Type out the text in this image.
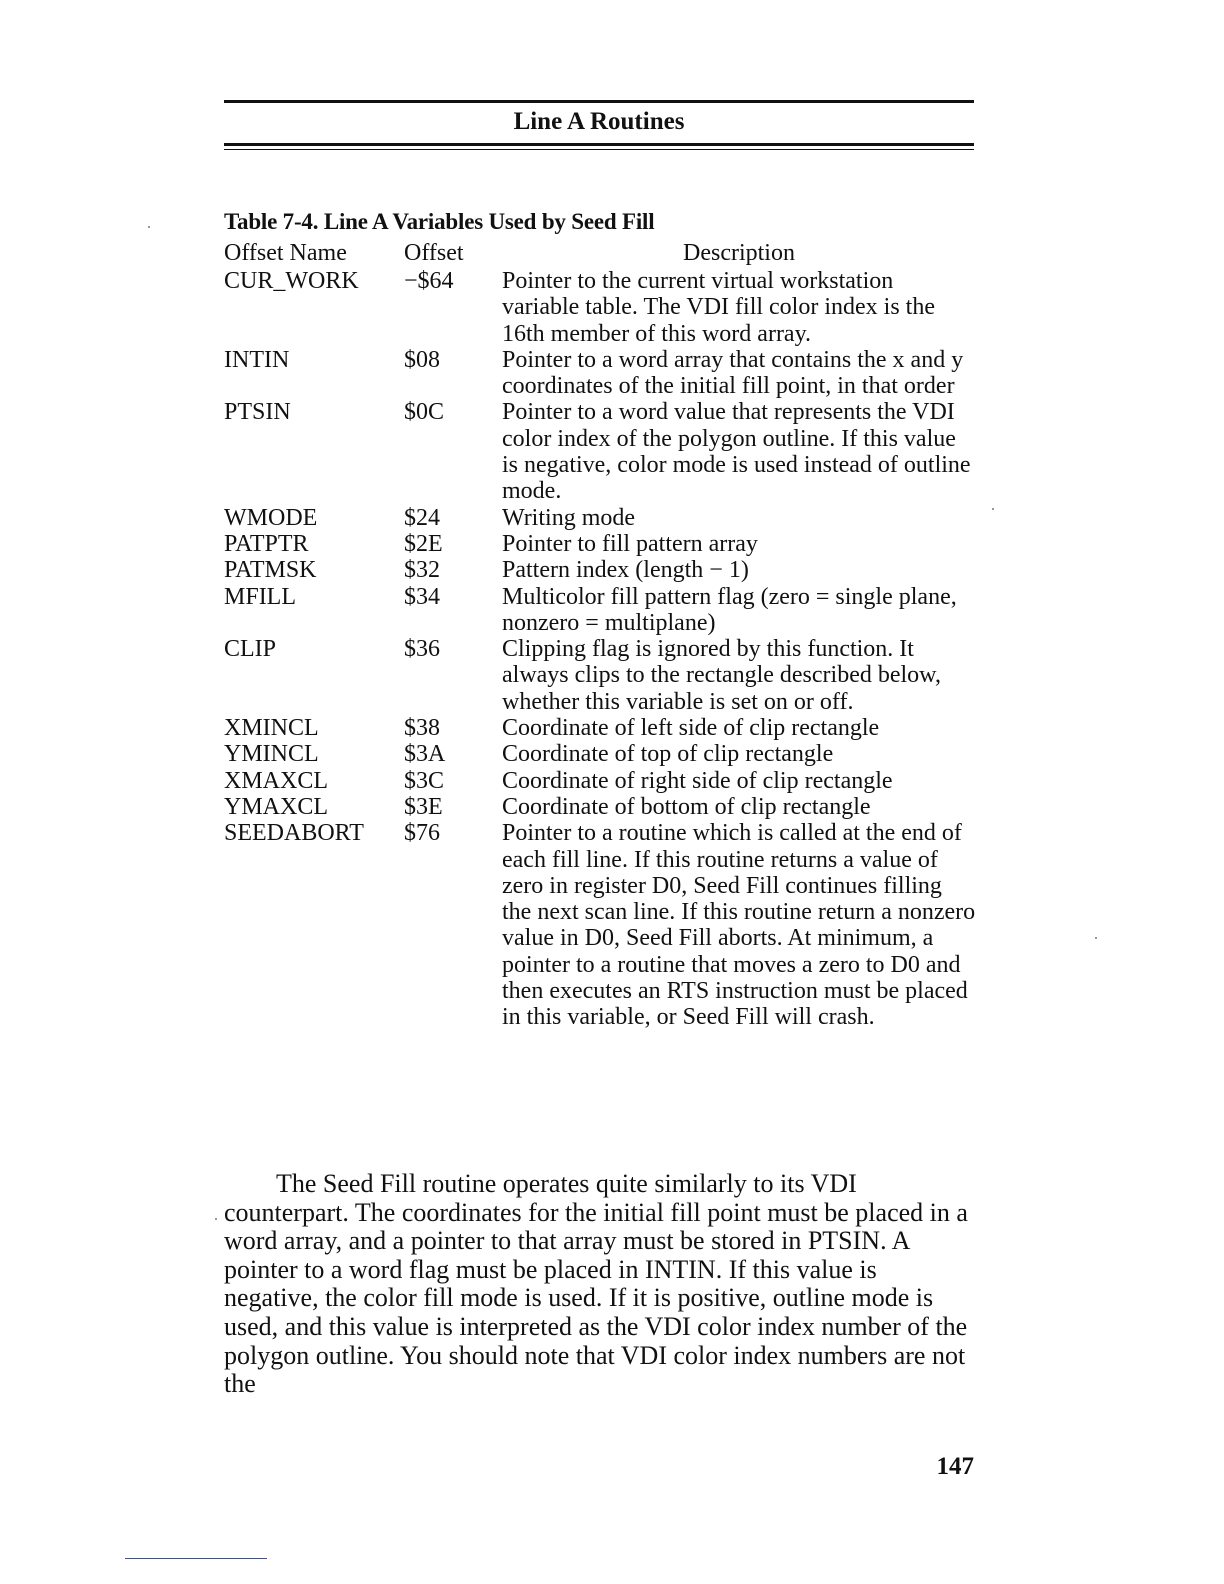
Line A Routines
Table 7-4. Line A Variables Used by Seed Fill
Offset Name	Offset	Description
CUR_WORK	−$64	Pointer to the current virtual workstation variable table. The VDI fill color index is the 16th member of this word array.
INTIN	$08	Pointer to a word array that contains the x and y coordinates of the initial fill point, in that order
PTSIN	$0C	Pointer to a word value that represents the VDI color index of the polygon outline. If this value is negative, color mode is used instead of outline mode.
WMODE	$24	Writing mode
PATPTR	$2E	Pointer to fill pattern array
PATMSK	$32	Pattern index (length − 1)
MFILL	$34	Multicolor fill pattern flag (zero = single plane, nonzero = multiplane)
CLIP	$36	Clipping flag is ignored by this function. It always clips to the rectangle described below, whether this variable is set on or off.
XMINCL	$38	Coordinate of left side of clip rectangle
YMINCL	$3A	Coordinate of top of clip rectangle
XMAXCL	$3C	Coordinate of right side of clip rectangle
YMAXCL	$3E	Coordinate of bottom of clip rectangle
SEEDABORT	$76	Pointer to a routine which is called at the end of each fill line. If this routine returns a value of zero in register D0, Seed Fill continues filling the next scan line. If this routine return a nonzero value in D0, Seed Fill aborts. At minimum, a pointer to a routine that moves a zero to D0 and then executes an RTS instruction must be placed in this variable, or Seed Fill will crash.

The Seed Fill routine operates quite similarly to its VDI counterpart. The coordinates for the initial fill point must be placed in a word array, and a pointer to that array must be stored in PTSIN. A pointer to a word flag must be placed in INTIN. If this value is negative, the color fill mode is used. If it is positive, outline mode is used, and this value is interpreted as the VDI color index number of the polygon outline. You should note that VDI color index numbers are not the

147
